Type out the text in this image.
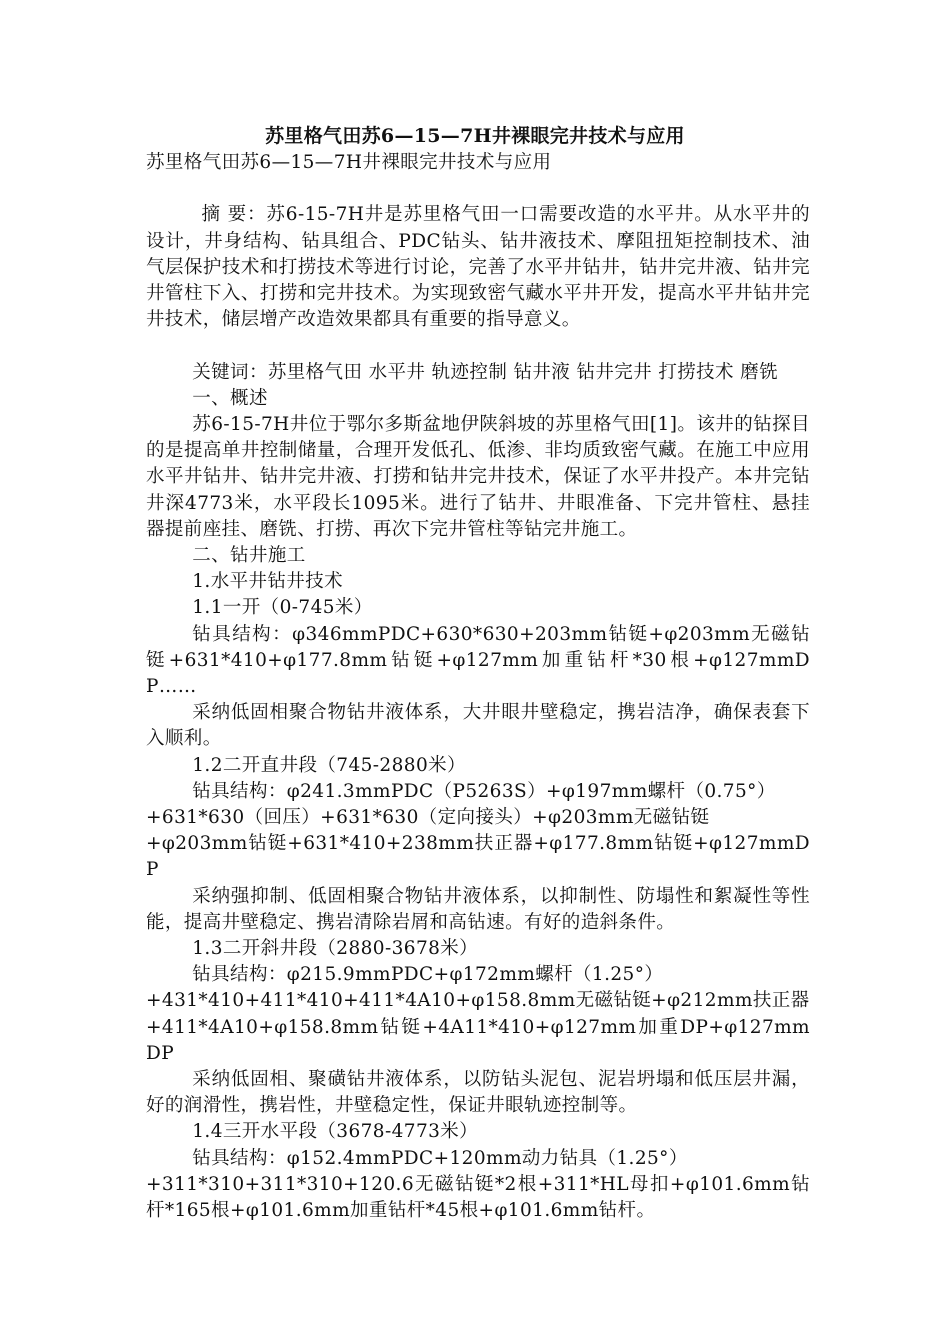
苏里格气田苏6—15—7H井裸眼完井技术与应用

苏里格气田苏6—15—7H井裸眼完井技术与应用

摘 要：苏6-15-7H井是苏里格气田一口需要改造的水平井。从水平井的设计，井身结构、钻具组合、PDC钻头、钻井液技术、摩阻扭矩控制技术、油气层保护技术和打捞技术等进行讨论，完善了水平井钻井，钻井完井液、钻井完井管柱下入、打捞和完井技术。为实现致密气藏水平井开发，提高水平井钻井完井技术，储层增产改造效果都具有重要的指导意义。

关键词：苏里格气田 水平井 轨迹控制 钻井液 钻井完井 打捞技术 磨铣

一、概述

苏6-15-7H井位于鄂尔多斯盆地伊陕斜坡的苏里格气田[1]。该井的钻探目的是提高单井控制储量，合理开发低孔、低渗、非均质致密气藏。在施工中应用水平井钻井、钻井完井液、打捞和钻井完井技术，保证了水平井投产。本井完钻井深4773米，水平段长1095米。进行了钻井、井眼准备、下完井管柱、悬挂器提前座挂、磨铣、打捞、再次下完井管柱等钻完井施工。

二、钻井施工

1.水平井钻井技术

1.1一开（0-745米）

钻具结构：φ346mmPDC+630*630+203mm钻铤+φ203mm无磁钻铤+631*410+φ177.8mm钻铤+φ127mm加重钻杆*30根+φ127mmDP……

采纳低固相聚合物钻井液体系，大井眼井壁稳定，携岩洁净，确保表套下入顺利。

1.2二开直井段（745-2880米）

钻具结构：φ241.3mmPDC（P5263S）+φ197mm螺杆（0.75°）

+631*630（回压）+631*630（定向接头）+φ203mm无磁钻铤

+φ203mm钻铤+631*410+238mm扶正器+φ177.8mm钻铤+φ127mmDP

采纳强抑制、低固相聚合物钻井液体系，以抑制性、防塌性和絮凝性等性能，提高井壁稳定、携岩清除岩屑和高钻速。有好的造斜条件。

1.3二开斜井段（2880-3678米）

钻具结构：φ215.9mmPDC+φ172mm螺杆（1.25°）

+431*410+411*410+411*4A10+φ158.8mm无磁钻铤+φ212mm扶正器

+411*4A10+φ158.8mm钻铤+4A11*410+φ127mm加重DP+φ127mmDP

采纳低固相、聚磺钻井液体系，以防钻头泥包、泥岩坍塌和低压层井漏，好的润滑性，携岩性，井壁稳定性，保证井眼轨迹控制等。

1.4三开水平段（3678-4773米）

钻具结构：φ152.4mmPDC+120mm动力钻具（1.25°）

+311*310+311*310+120.6无磁钻铤*2根+311*HL母扣+φ101.6mm钻杆*165根+φ101.6mm加重钻杆*45根+φ101.6mm钻杆。
